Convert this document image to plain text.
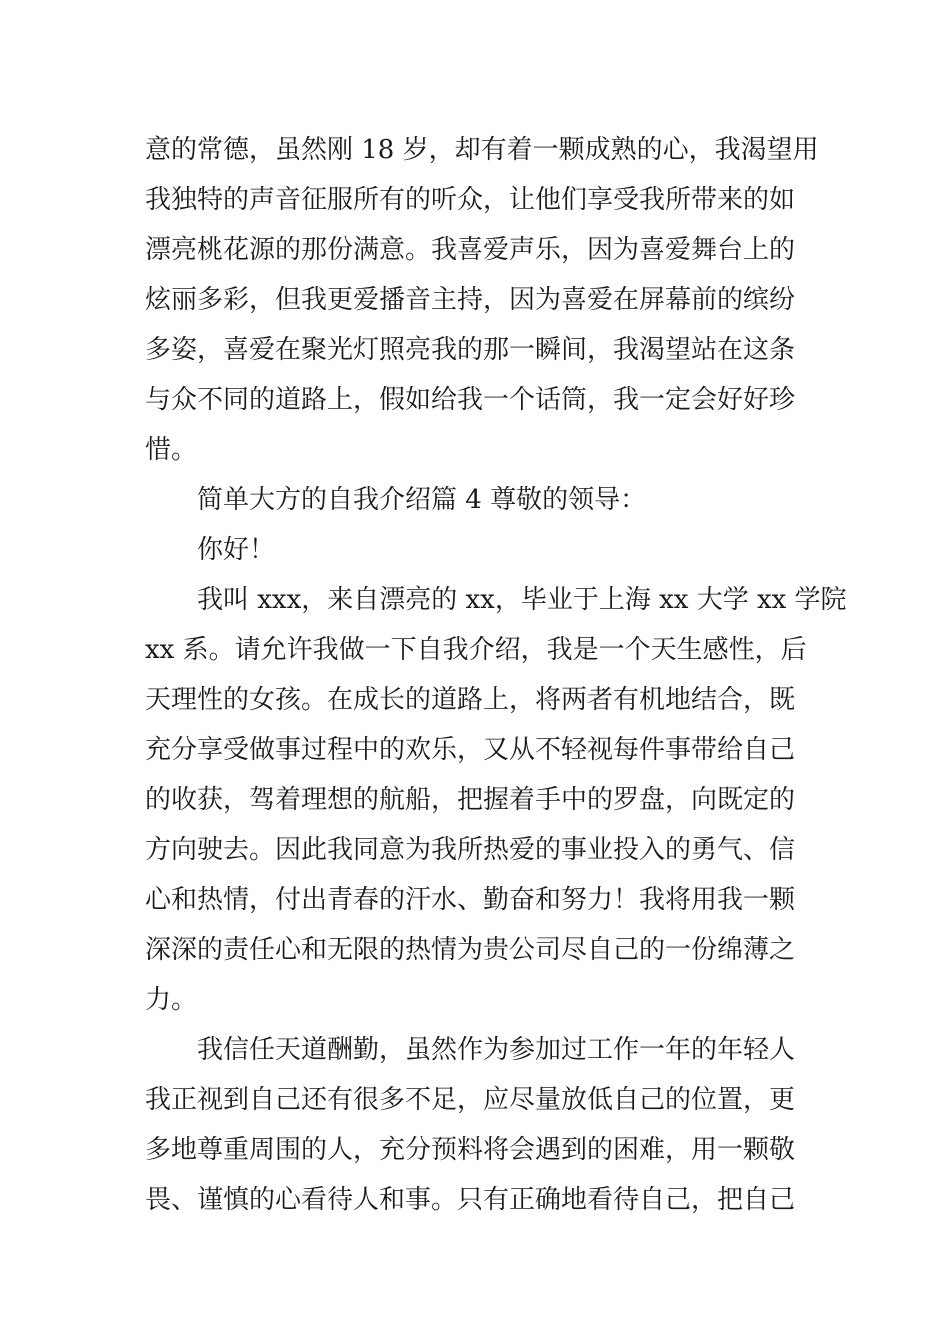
意的常德，虽然刚 18 岁，却有着一颗成熟的心，我渴望用

我独特的声音征服所有的听众，让他们享受我所带来的如

漂亮桃花源的那份满意。我喜爱声乐，因为喜爱舞台上的

炫丽多彩，但我更爱播音主持，因为喜爱在屏幕前的缤纷

多姿，喜爱在聚光灯照亮我的那一瞬间，我渴望站在这条

与众不同的道路上，假如给我一个话筒，我一定会好好珍

惜。

简单大方的自我介绍篇 4 尊敬的领导：

你好！

我叫 xxx，来自漂亮的 xx，毕业于上海 xx 大学 xx 学院

xx 系。请允许我做一下自我介绍，我是一个天生感性，后

天理性的女孩。在成长的道路上，将两者有机地结合，既

充分享受做事过程中的欢乐，又从不轻视每件事带给自己

的收获，驾着理想的航船，把握着手中的罗盘，向既定的

方向驶去。因此我同意为我所热爱的事业投入的勇气、信

心和热情，付出青春的汗水、勤奋和努力！我将用我一颗

深深的责任心和无限的热情为贵公司尽自己的一份绵薄之

力。

我信任天道酬勤，虽然作为参加过工作一年的年轻人

我正视到自己还有很多不足，应尽量放低自己的位置，更

多地尊重周围的人，充分预料将会遇到的困难，用一颗敬

畏、谨慎的心看待人和事。只有正确地看待自己，把自己
